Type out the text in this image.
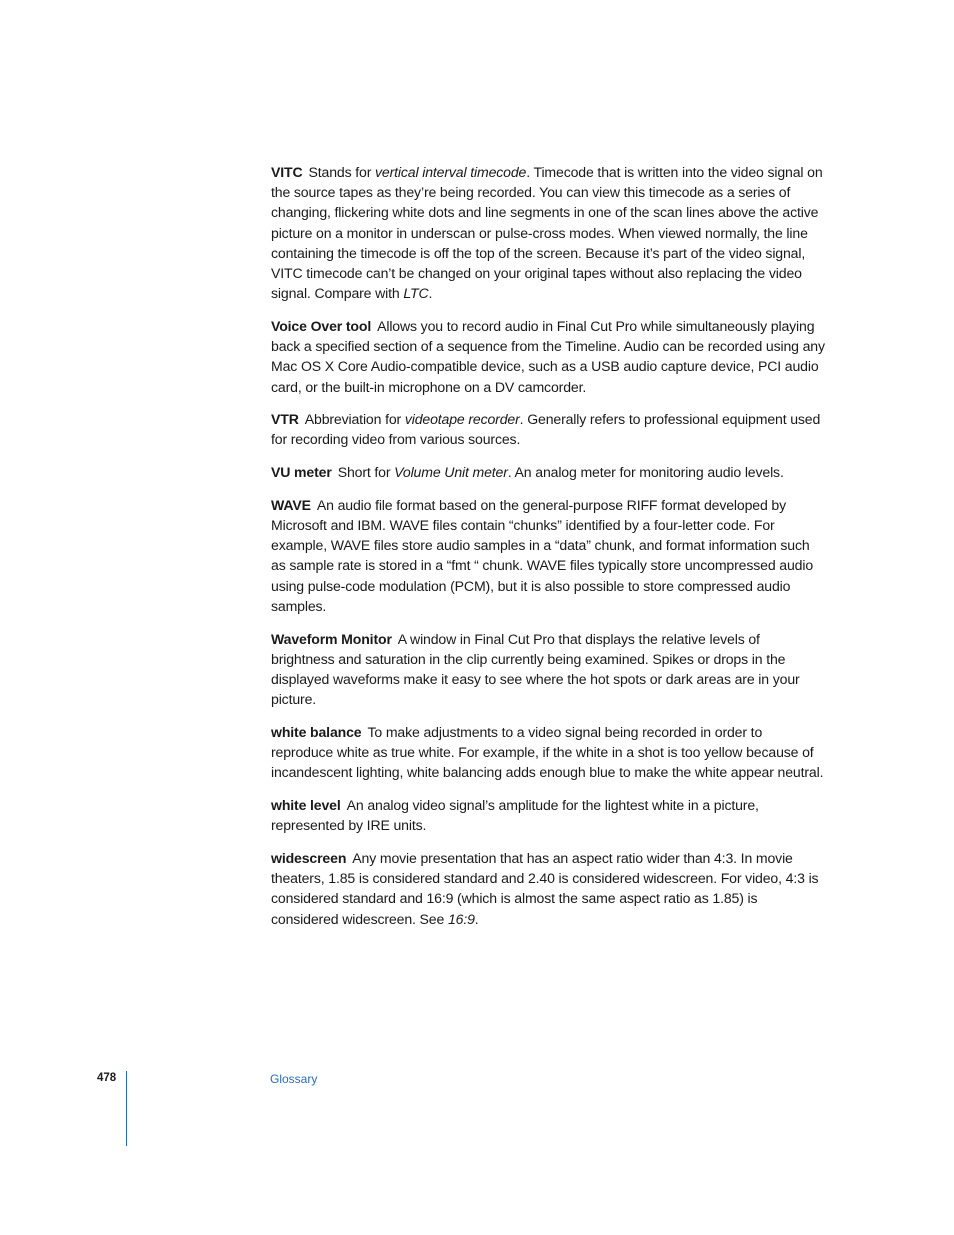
VITC Stands for vertical interval timecode. Timecode that is written into the video signal on the source tapes as they’re being recorded. You can view this timecode as a series of changing, flickering white dots and line segments in one of the scan lines above the active picture on a monitor in underscan or pulse-cross modes. When viewed normally, the line containing the timecode is off the top of the screen. Because it’s part of the video signal, VITC timecode can’t be changed on your original tapes without also replacing the video signal. Compare with LTC.

Voice Over tool Allows you to record audio in Final Cut Pro while simultaneously playing back a specified section of a sequence from the Timeline. Audio can be recorded using any Mac OS X Core Audio-compatible device, such as a USB audio capture device, PCI audio card, or the built-in microphone on a DV camcorder.

VTR Abbreviation for videotape recorder. Generally refers to professional equipment used for recording video from various sources.

VU meter Short for Volume Unit meter. An analog meter for monitoring audio levels.

WAVE An audio file format based on the general-purpose RIFF format developed by Microsoft and IBM. WAVE files contain “chunks” identified by a four-letter code. For example, WAVE files store audio samples in a “data” chunk, and format information such as sample rate is stored in a “fmt “ chunk. WAVE files typically store uncompressed audio using pulse-code modulation (PCM), but it is also possible to store compressed audio samples.

Waveform Monitor A window in Final Cut Pro that displays the relative levels of brightness and saturation in the clip currently being examined. Spikes or drops in the displayed waveforms make it easy to see where the hot spots or dark areas are in your picture.

white balance To make adjustments to a video signal being recorded in order to reproduce white as true white. For example, if the white in a shot is too yellow because of incandescent lighting, white balancing adds enough blue to make the white appear neutral.

white level An analog video signal’s amplitude for the lightest white in a picture, represented by IRE units.

widescreen Any movie presentation that has an aspect ratio wider than 4:3. In movie theaters, 1.85 is considered standard and 2.40 is considered widescreen. For video, 4:3 is considered standard and 16:9 (which is almost the same aspect ratio as 1.85) is considered widescreen. See 16:9.

478	Glossary
